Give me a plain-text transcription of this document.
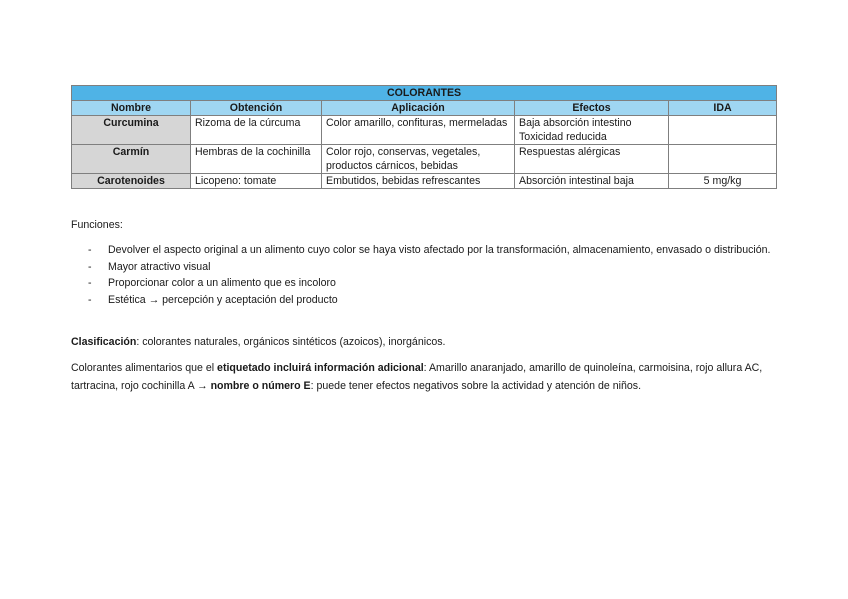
COLORANTES				
Nombre	Obtención	Aplicación	Efectos	IDA
Curcumina	Rizoma de la cúrcuma	Color amarillo, confituras, mermeladas	Baja absorción intestino
Toxicidad reducida	

Carmín	Hembras de la cochinilla	Color rojo, conservas, vegetales, productos cárnicos, bebidas	Respuestas alérgicas	

Carotenoides	Licopeno: tomate	Embutidos, bebidas refrescantes	Absorción intestinal baja	5 mg/kg
Funciones:
- Devolver el aspecto original a un alimento cuyo color se haya visto afectado por la transformación, almacenamiento, envasado o distribución.
- Mayor atractivo visual
- Proporcionar color a un alimento que es incoloro
- Estética → percepción y aceptación del producto
Clasificación: colorantes naturales, orgánicos sintéticos (azoicos), inorgánicos.
Colorantes alimentarios que el etiquetado incluirá información adicional: Amarillo anaranjado, amarillo de quinoleína, carmoisina, rojo allura AC, tartracina, rojo cochinilla A → nombre o número E: puede tener efectos negativos sobre la actividad y atención de niños.
